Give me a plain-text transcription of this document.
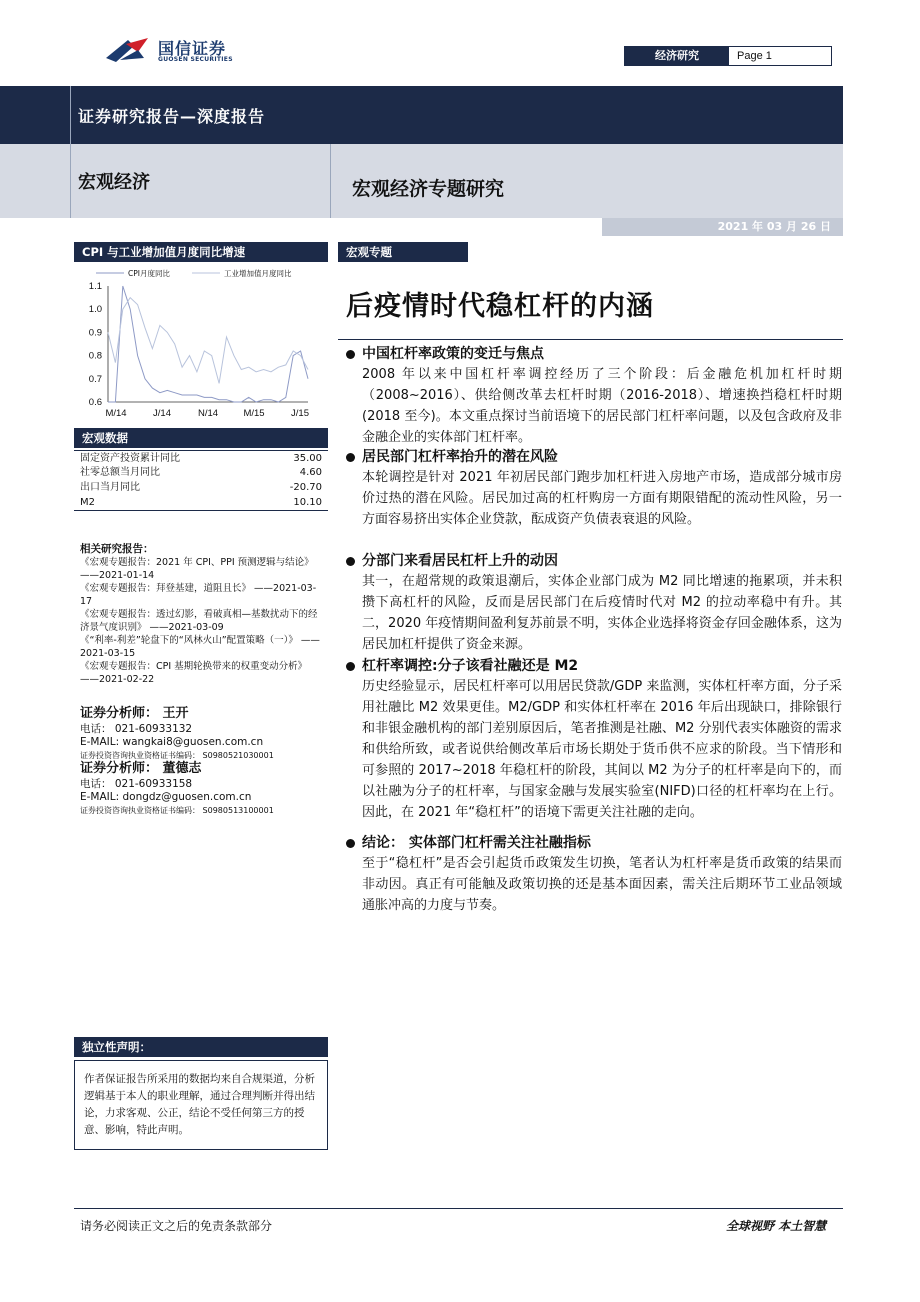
国信证券
GUOSEN SECURITIES	经济研究	Page 1
证券研究报告—深度报告
宏观经济	宏观经济专题研究
2021 年 03 月 26 日
CPI 与工业增加值月度同比增速
1.1
1.0
0.9
0.8
0.7
0.6
M/14	J/14	N/14	M/15	J/15
CPI月度同比	工业增加值月度同比
宏观数据
固定资产投资累计同比	35.00
社零总额当月同比	4.60
出口当月同比	-20.70
M2	10.10
相关研究报告：
《宏观专题报告：2021 年 CPI、PPI 预测逻辑与结论》 ——2021-01-14
《宏观专题报告：拜登基建，道阻且长》 ——2021-03-17
《宏观专题报告：透过幻影，看破真相—基数扰动下的经济景气度识别》 ——2021-03-09
《“利率-利差”轮盘下的“风林火山”配置策略（一）》 ——2021-03-15
《宏观专题报告：CPI 基期轮换带来的权重变动分析》 ——2021-02-22
证券分析师： 王开
电话： 021-60933132
E-MAIL: wangkai8@guosen.com.cn
证券投资咨询执业资格证书编码： S0980521030001
证券分析师： 董德志
电话： 021-60933158
E-MAIL: dongdz@guosen.com.cn
证券投资咨询执业资格证书编码： S0980513100001
独立性声明：
作者保证报告所采用的数据均来自合规渠道，分析逻辑基于本人的职业理解，通过合理判断并得出结论，力求客观、公正，结论不受任何第三方的授意、影响，特此声明。
宏观专题
后疫情时代稳杠杆的内涵
中国杠杆率政策的变迁与焦点
2008 年以来中国杠杆率调控经历了三个阶段：后金融危机加杠杆时期（2008~2016）、供给侧改革去杠杆时期（2016-2018）、增速换挡稳杠杆时期(2018 至今)。本文重点探讨当前语境下的居民部门杠杆率问题，以及包含政府及非金融企业的实体部门杠杆率。
居民部门杠杆率抬升的潜在风险
本轮调控是针对 2021 年初居民部门跑步加杠杆进入房地产市场，造成部分城市房价过热的潜在风险。居民加过高的杠杆购房一方面有期限错配的流动性风险，另一方面容易挤出实体企业贷款，酝成资产负债表衰退的风险。
分部门来看居民杠杆上升的动因
其一，在超常规的政策退潮后，实体企业部门成为 M2 同比增速的拖累项，并未积攒下高杠杆的风险，反而是居民部门在后疫情时代对 M2 的拉动率稳中有升。其二，2020 年疫情期间盈利复苏前景不明，实体企业选择将资金存回金融体系，这为居民加杠杆提供了资金来源。
杠杆率调控:分子该看社融还是 M2
历史经验显示，居民杠杆率可以用居民贷款/GDP 来监测，实体杠杆率方面，分子采用社融比 M2 效果更佳。M2/GDP 和实体杠杆率在 2016 年后出现缺口，排除银行和非银金融机构的部门差别原因后，笔者推测是社融、M2 分别代表实体融资的需求和供给所致，或者说供给侧改革后市场长期处于货币供不应求的阶段。当下情形和可参照的 2017~2018 年稳杠杆的阶段，其间以 M2 为分子的杠杆率是向下的，而以社融为分子的杠杆率，与国家金融与发展实验室(NIFD)口径的杠杆率均在上行。因此，在 2021 年“稳杠杆”的语境下需更关注社融的走向。
结论： 实体部门杠杆需关注社融指标
至于“稳杠杆”是否会引起货币政策发生切换，笔者认为杠杆率是货币政策的结果而非动因。真正有可能触及政策切换的还是基本面因素，需关注后期环节工业品领域通胀冲高的力度与节奏。
请务必阅读正文之后的免责条款部分	全球视野 本土智慧
